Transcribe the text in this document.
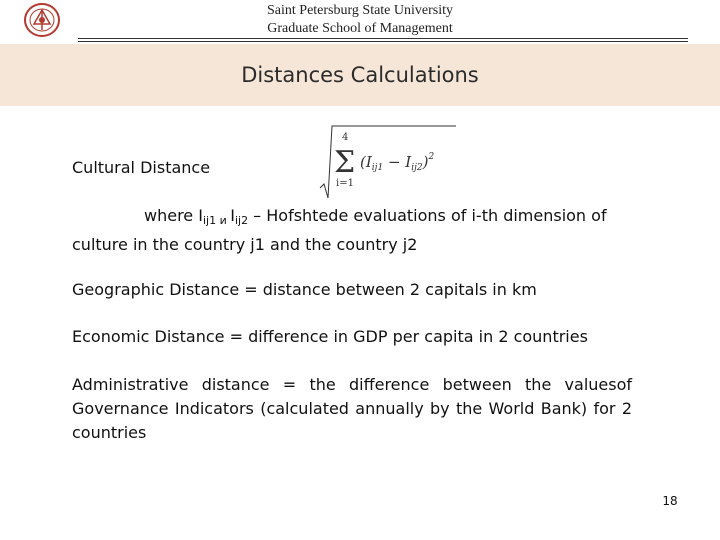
Saint Petersburg State University
Graduate School of Management
Distances Calculations
Cultural Distance	Σ
4
i=1
$(I_{ij1} - I_{ij2})^2$
where $I_{ij1}$ $_и$ $I_{ij2}$ – Hofshtede evaluations of i-th dimension of culture in the country j1 and the country j2
Geographic Distance = distance between 2 capitals in km
Economic Distance = difference in GDP per capita in 2 countries
Administrative distance = the difference between the valuesof Governance Indicators (calculated annually by the World Bank) for 2 countries
18
